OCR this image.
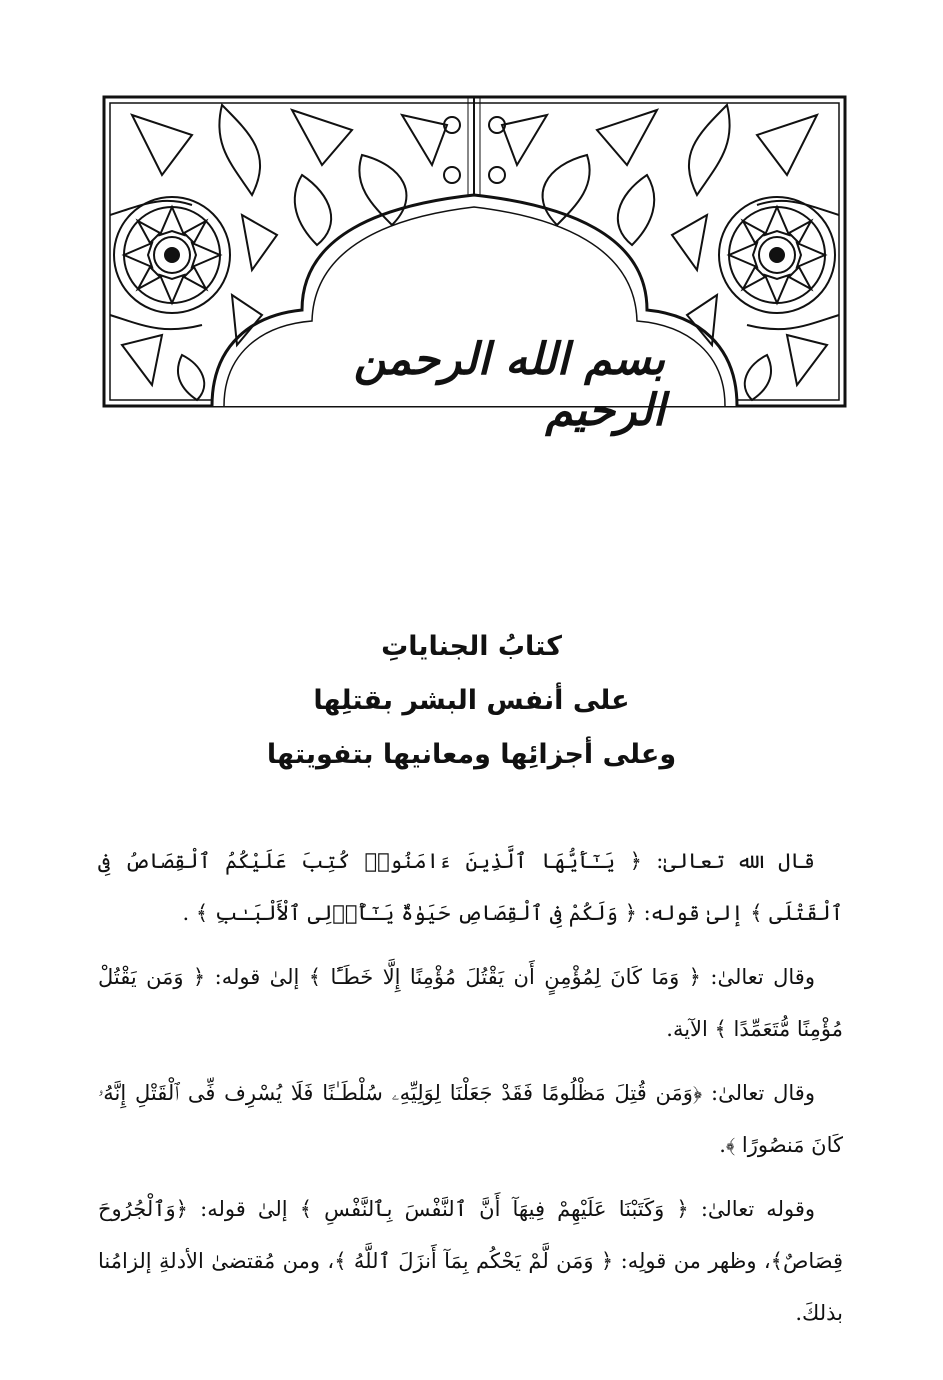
بسم الله الرحمن الرحيم
كتابُ الجناياتِ
على أنفس البشر بقتلِها
وعلى أجزائِها ومعانيها بتفويتها

قال الله تعالىٰ: ﴿ يَـٰٓأَيُّهَا ٱلَّذِينَ ءَامَنُوا۟ كُتِبَ عَلَيْكُمُ ٱلْقِصَاصُ فِى ٱلْقَتْلَى ﴾ إلىٰ قوله: ﴿ وَلَكُمْ فِى ٱلْقِصَاصِ حَيَوٰةٌ يَـٰٓأُو۟لِى ٱلْأَلْبَـٰبِ ﴾ .

وقال تعالىٰ: ﴿ وَمَا كَانَ لِمُؤْمِنٍ أَن يَقْتُلَ مُؤْمِنًا إِلَّا خَطَـًٔا ﴾ إلىٰ قوله: ﴿ وَمَن يَقْتُلْ مُؤْمِنًا مُّتَعَمِّدًا ﴾ الآية.

وقال تعالىٰ: ﴿وَمَن قُتِلَ مَظْلُومًا فَقَدْ جَعَلْنَا لِوَلِيِّهِۦ سُلْطَـٰنًا فَلَا يُسْرِف فِّى ٱلْقَتْلِ إِنَّهُۥ كَانَ مَنصُورًا ﴾.

وقوله تعالىٰ: ﴿ وَكَتَبْنَا عَلَيْهِمْ فِيهَآ أَنَّ ٱلنَّفْسَ بِٱلنَّفْسِ ﴾ إلىٰ قوله: ﴿وَٱلْجُرُوحَ قِصَاصٌ﴾، وظهر من قولِه: ﴿ وَمَن لَّمْ يَحْكُم بِمَآ أَنزَلَ ٱللَّهُ ﴾، ومن مُقتضىٰ الأدلةِ إلزامُنا بذلكَ.
